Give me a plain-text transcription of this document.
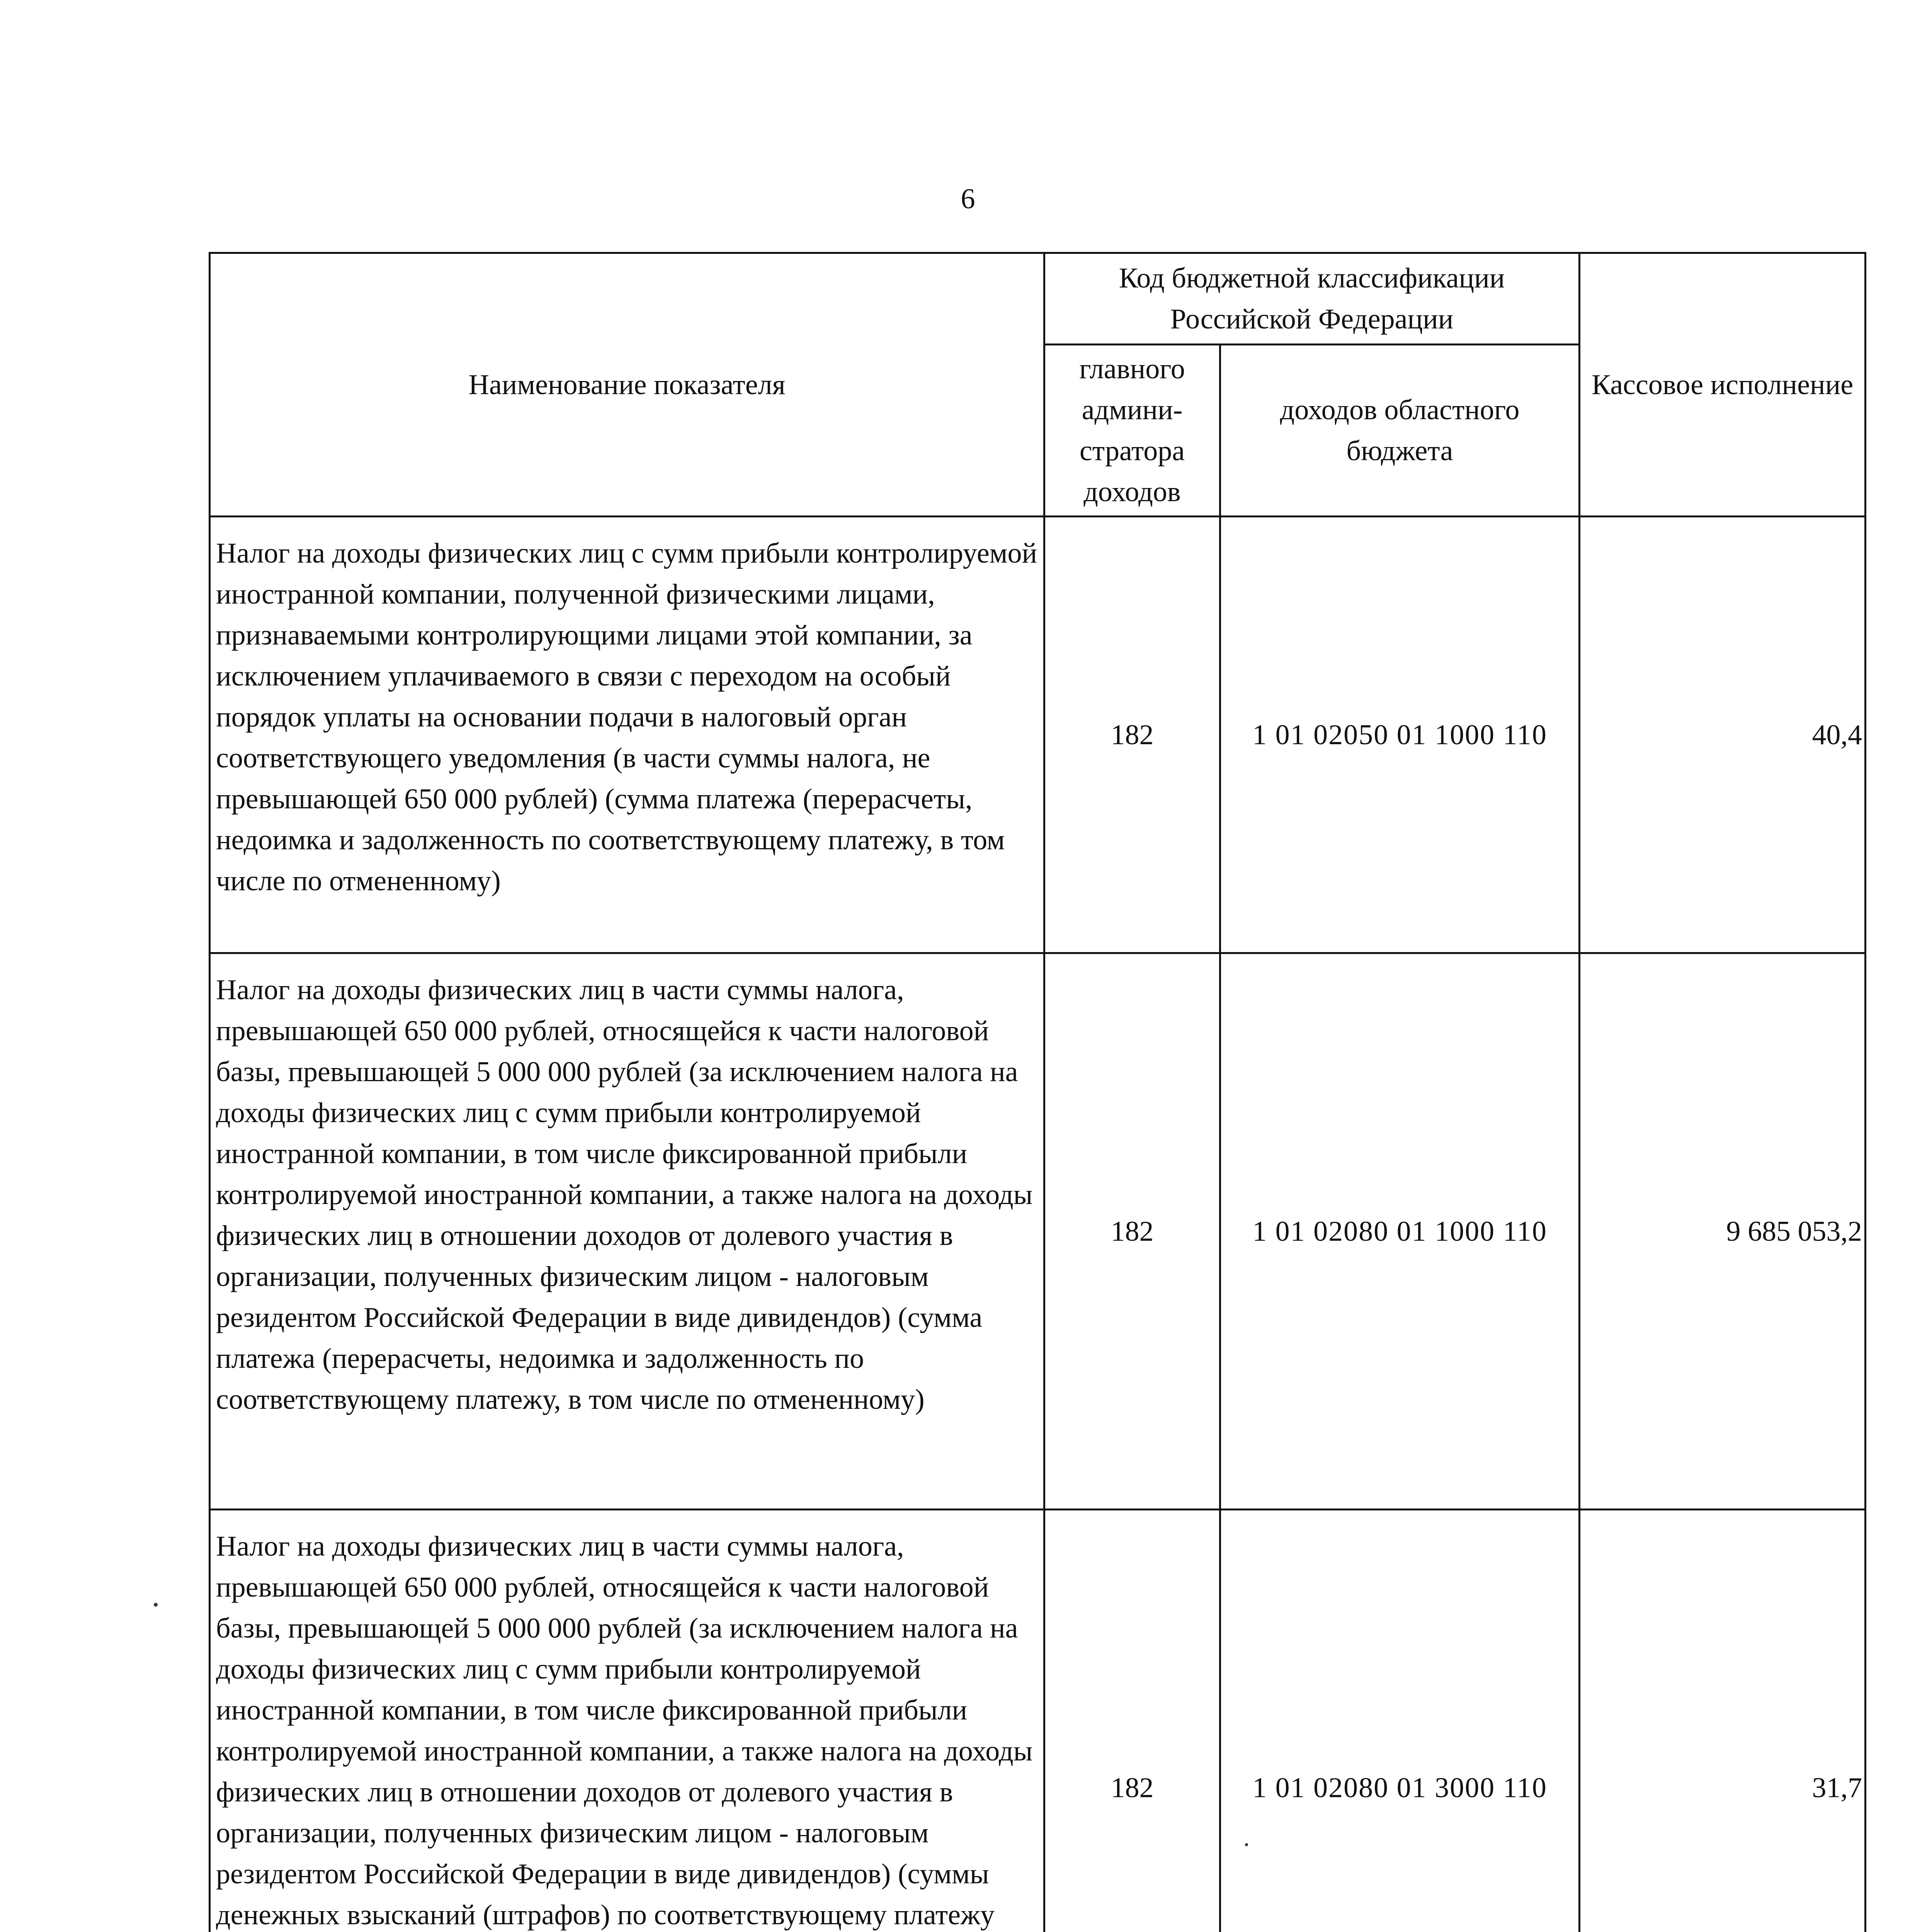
6
Наименование показателя	Код бюджетной классификации Российской Федерации		Кассовое исполнение
	главного админи-стратора доходов	доходов областного бюджета	
Налог на доходы физических лиц с сумм прибыли контролируемой иностранной компании, полученной физическими лицами, признаваемыми контролирующими лицами этой компании, за исключением уплачиваемого в связи с переходом на особый порядок уплаты на основании подачи в налоговый орган соответствующего уведомления (в части суммы налога, не превышающей 650 000 рублей) (сумма платежа (перерасчеты, недоимка и задолженность по соответствующему платежу, в том числе по отмененному)	182	1 01 02050 01 1000 110	40,4
Налог на доходы физических лиц в части суммы налога, превышающей 650 000 рублей, относящейся к части налоговой базы, превышающей 5 000 000 рублей (за исключением налога на доходы физических лиц с сумм прибыли контролируемой иностранной компании, в том числе фиксированной прибыли контролируемой иностранной компании, а также налога на доходы физических лиц в отношении доходов от долевого участия в организации, полученных физическим лицом - налоговым резидентом Российской Федерации в виде дивидендов) (сумма платежа (перерасчеты, недоимка и задолженность по соответствующему платежу, в том числе по отмененному)	182	1 01 02080 01 1000 110	9 685 053,2
Налог на доходы физических лиц в части суммы налога, превышающей 650 000 рублей, относящейся к части налоговой базы, превышающей 5 000 000 рублей (за исключением налога на доходы физических лиц с сумм прибыли контролируемой иностранной компании, в том числе фиксированной прибыли контролируемой иностранной компании, а также налога на доходы физических лиц в отношении доходов от долевого участия в организации, полученных физическим лицом - налоговым резидентом Российской Федерации в виде дивидендов) (суммы денежных взысканий (штрафов) по соответствующему платежу	182	1 01 02080 01 3000 110	31,7
